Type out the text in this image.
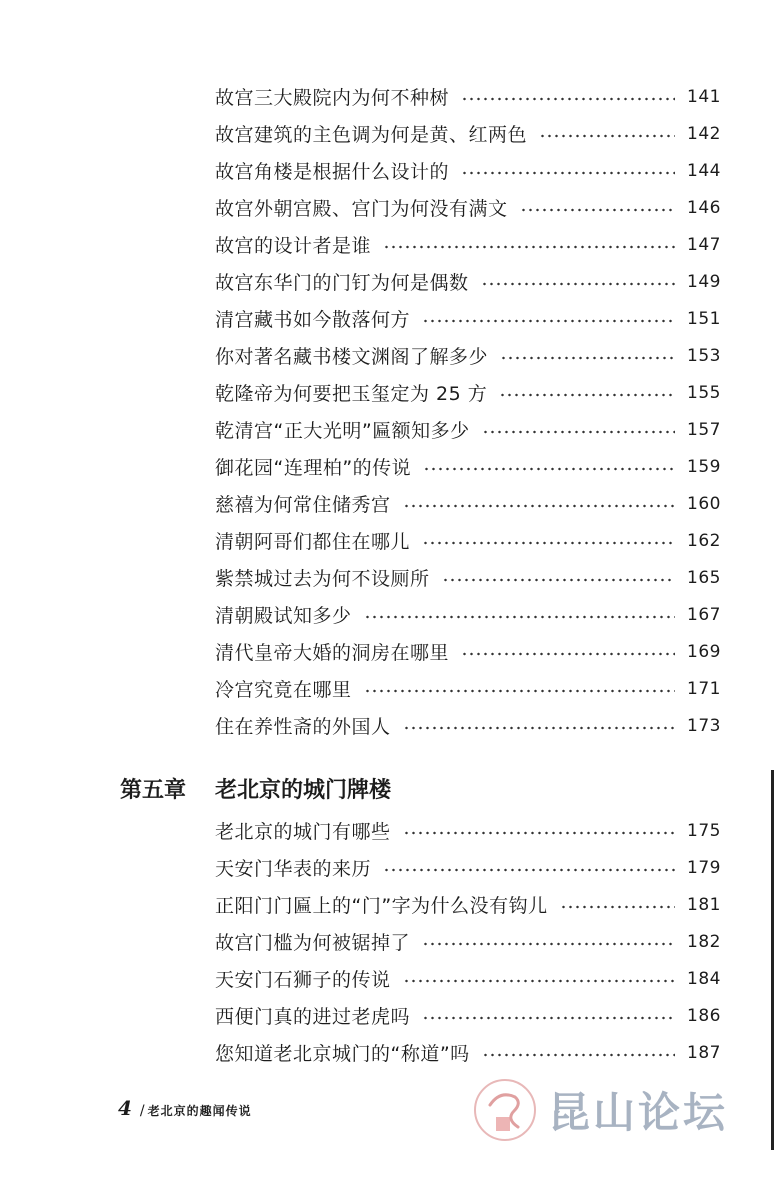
故宫三大殿院内为何不种树	141
故宫建筑的主色调为何是黄、红两色	142
故宫角楼是根据什么设计的	144
故宫外朝宫殿、宫门为何没有满文	146
故宫的设计者是谁	147
故宫东华门的门钉为何是偶数	149
清宫藏书如今散落何方	151
你对著名藏书楼文渊阁了解多少	153
乾隆帝为何要把玉玺定为 25 方	155
乾清宫“正大光明”匾额知多少	157
御花园“连理柏”的传说	159
慈禧为何常住储秀宫	160
清朝阿哥们都住在哪儿	162
紫禁城过去为何不设厕所	165
清朝殿试知多少	167
清代皇帝大婚的洞房在哪里	169
冷宫究竟在哪里	171
住在养性斋的外国人	173
第五章	老北京的城门牌楼
老北京的城门有哪些	175
天安门华表的来历	179
正阳门门匾上的“门”字为什么没有钩儿	181
故宫门槛为何被锯掉了	182
天安门石狮子的传说	184
西便门真的进过老虎吗	186
您知道老北京城门的“称道”吗	187
4 / 老北京的趣闻传说	昆山论坛
